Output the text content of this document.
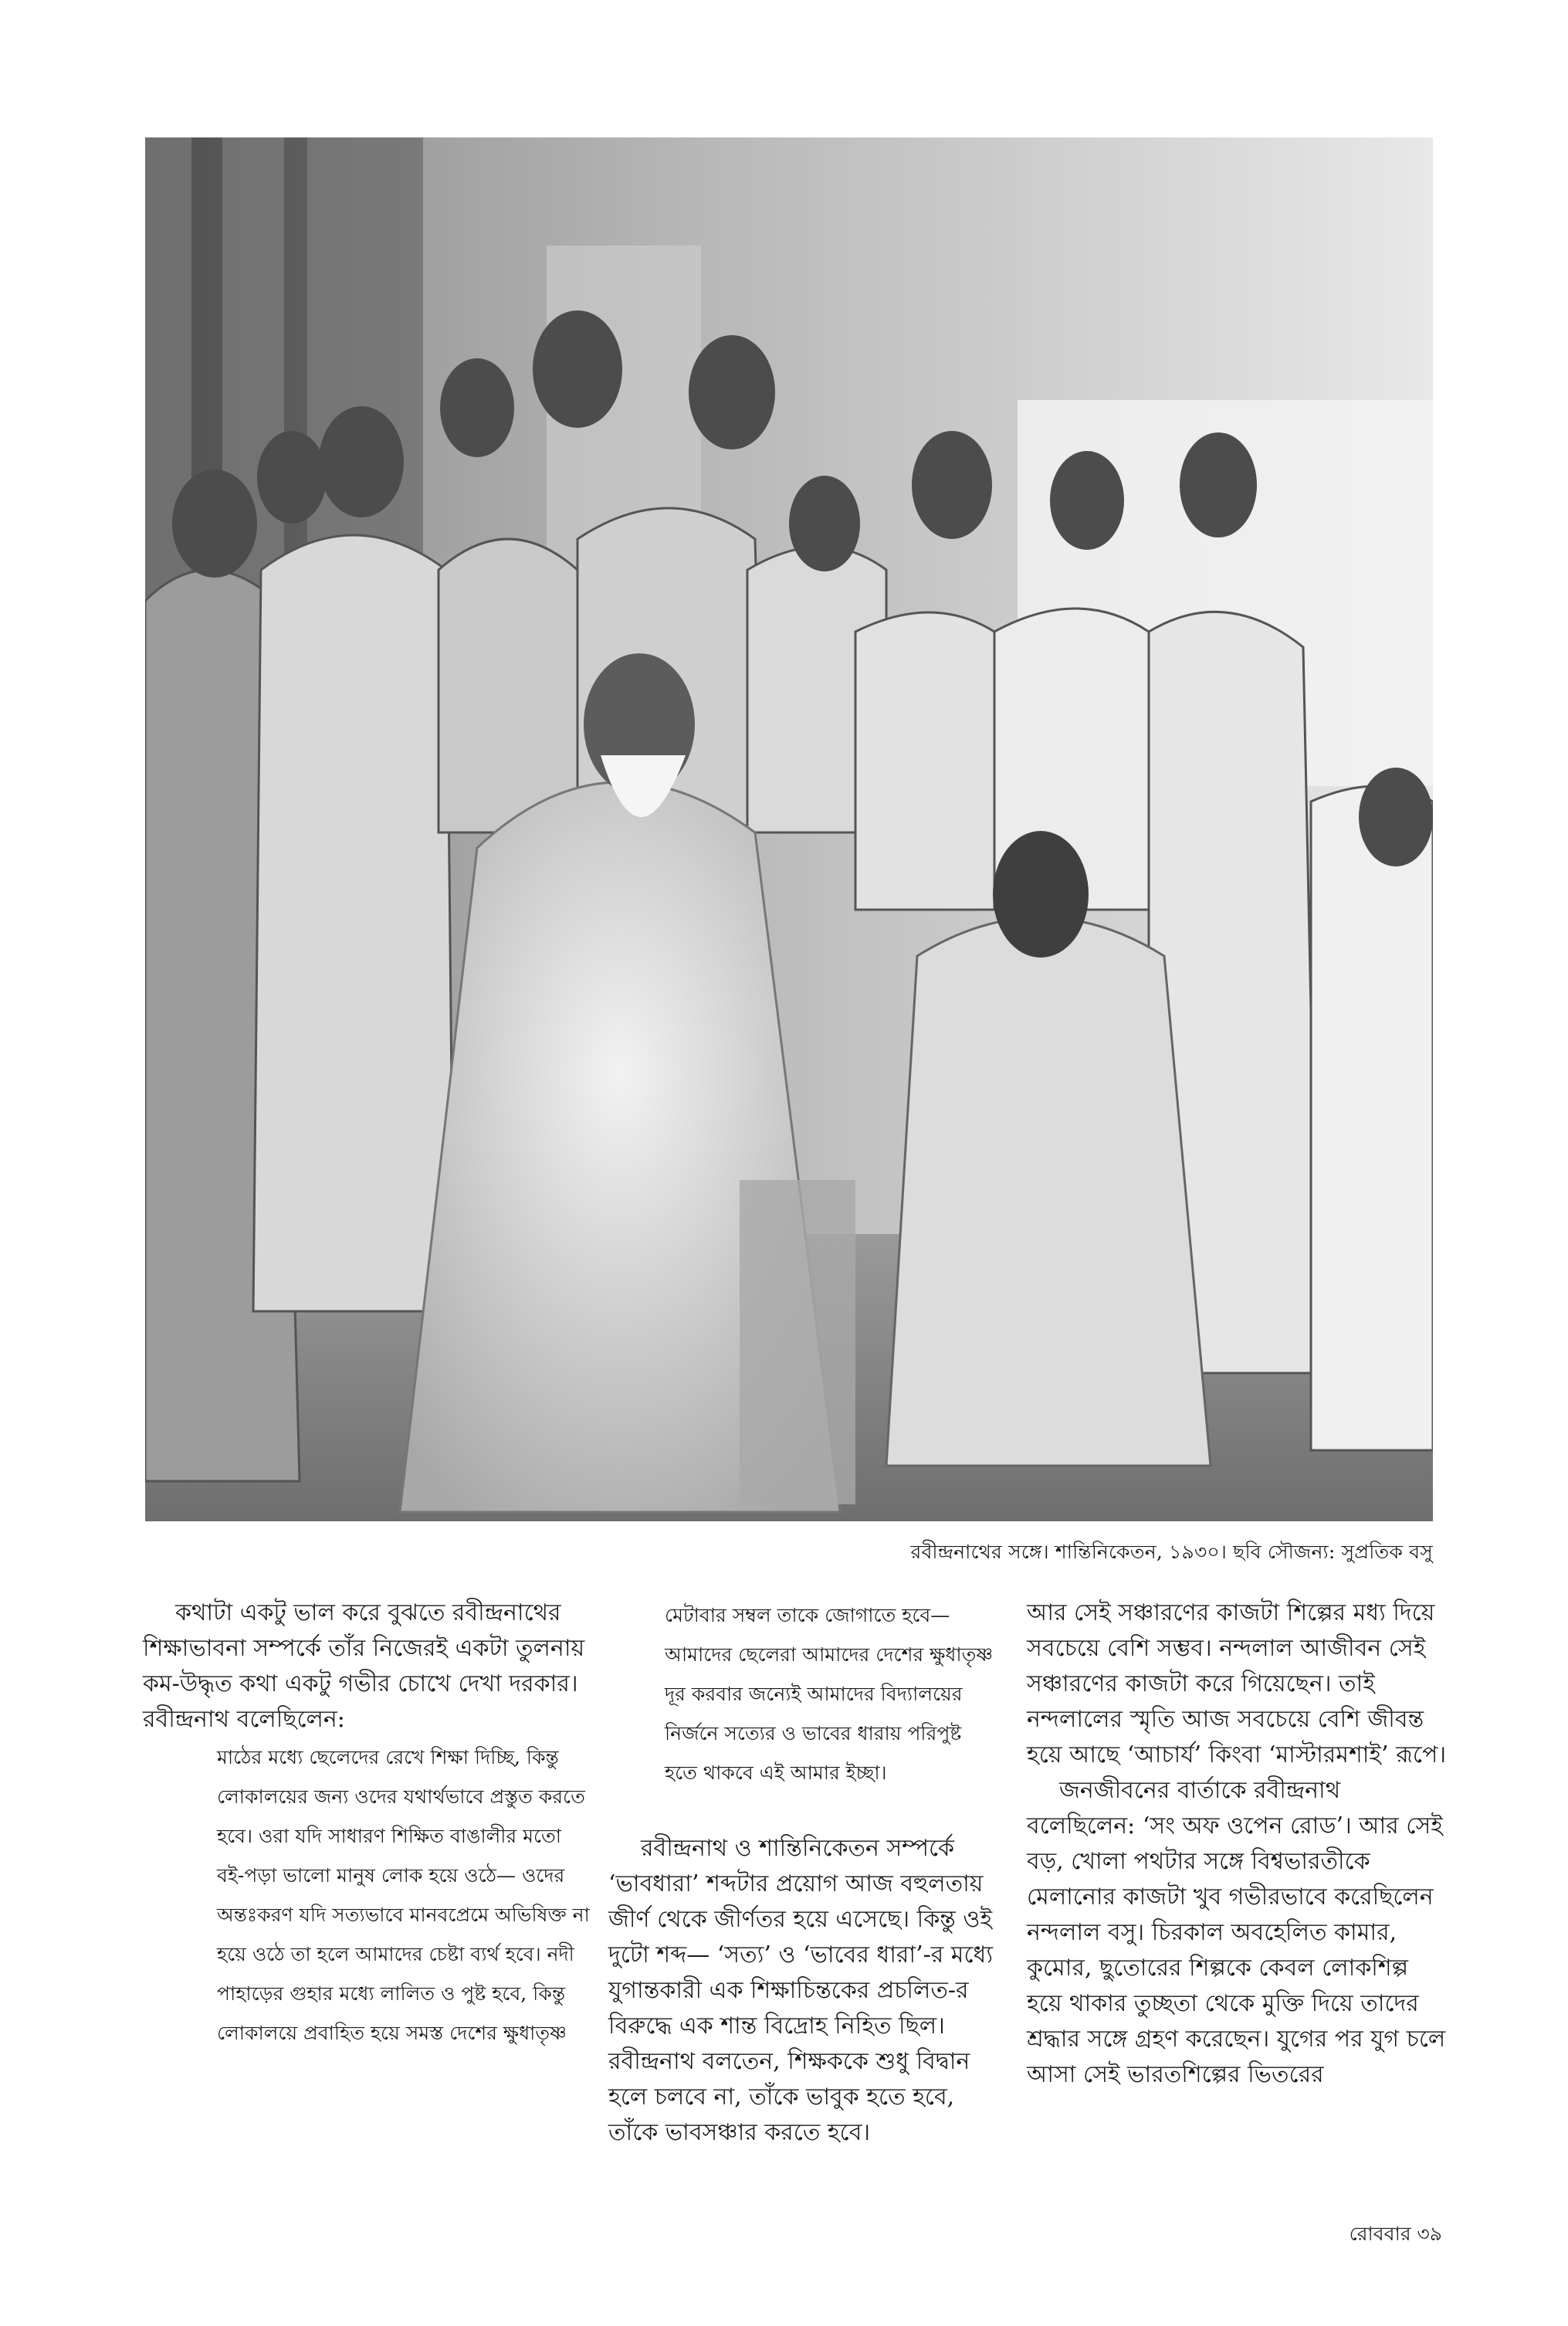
রবীন্দ্রনাথের সঙ্গে। শান্তিনিকেতন, ১৯৩০। ছবি সৌজন্য: সুপ্রতিক বসু

কথাটা একটু ভাল করে বুঝতে রবীন্দ্রনাথের শিক্ষাভাবনা সম্পর্কে তাঁর নিজেরই একটা তুলনায় কম-উদ্ধৃত কথা একটু গভীর চোখে দেখা দরকার। রবীন্দ্রনাথ বলেছিলেন:

মাঠের মধ্যে ছেলেদের রেখে শিক্ষা দিচ্ছি, কিন্তু লোকালয়ের জন্য ওদের যথার্থভাবে প্রস্তুত করতে হবে। ওরা যদি সাধারণ শিক্ষিত বাঙালীর মতো বই-পড়া ভালো মানুষ লোক হয়ে ওঠে— ওদের অন্তঃকরণ যদি সত্যভাবে মানবপ্রেমে অভিষিক্ত না হয়ে ওঠে তা হলে আমাদের চেষ্টা ব্যর্থ হবে। নদী পাহাড়ের গুহার মধ্যে লালিত ও পুষ্ট হবে, কিন্তু লোকালয়ে প্রবাহিত হয়ে সমস্ত দেশের ক্ষুধাতৃষ্ণ

মেটাবার সম্বল তাকে জোগাতে হবে— আমাদের ছেলেরা আমাদের দেশের ক্ষুধাতৃষ্ণ দূর করবার জন্যেই আমাদের বিদ্যালয়ের নির্জনে সত্যের ও ভাবের ধারায় পরিপুষ্ট হতে থাকবে এই আমার ইচ্ছা।

রবীন্দ্রনাথ ও শান্তিনিকেতন সম্পর্কে ‘ভাবধারা’ শব্দটার প্রয়োগ আজ বহুলতায় জীর্ণ থেকে জীর্ণতর হয়ে এসেছে। কিন্তু ওই দুটো শব্দ— ‘সত্য’ ও ‘ভাবের ধারা’-র মধ্যে যুগান্তকারী এক শিক্ষাচিন্তকের প্রচলিত-র বিরুদ্ধে এক শান্ত বিদ্রোহ নিহিত ছিল। রবীন্দ্রনাথ বলতেন, শিক্ষককে শুধু বিদ্বান হলে চলবে না, তাঁকে ভাবুক হতে হবে, তাঁকে ভাবসঞ্চার করতে হবে।

আর সেই সঞ্চারণের কাজটা শিল্পের মধ্য দিয়ে সবচেয়ে বেশি সম্ভব। নন্দলাল আজীবন সেই সঞ্চারণের কাজটা করে গিয়েছেন। তাই নন্দলালের স্মৃতি আজ সবচেয়ে বেশি জীবন্ত হয়ে আছে ‘আচার্য’ কিংবা ‘মাস্টারমশাই’ রূপে।

জনজীবনের বার্তাকে রবীন্দ্রনাথ বলেছিলেন: ‘সং অফ ওপেন রোড’। আর সেই বড়, খোলা পথটার সঙ্গে বিশ্বভারতীকে মেলানোর কাজটা খুব গভীরভাবে করেছিলেন নন্দলাল বসু। চিরকাল অবহেলিত কামার, কুমোর, ছুতোরের শিল্পকে কেবল লোকশিল্প হয়ে থাকার তুচ্ছতা থেকে মুক্তি দিয়ে তাদের শ্রদ্ধার সঙ্গে গ্রহণ করেছেন। যুগের পর যুগ চলে আসা সেই ভারতশিল্পের ভিতরের

রোববার ৩৯
